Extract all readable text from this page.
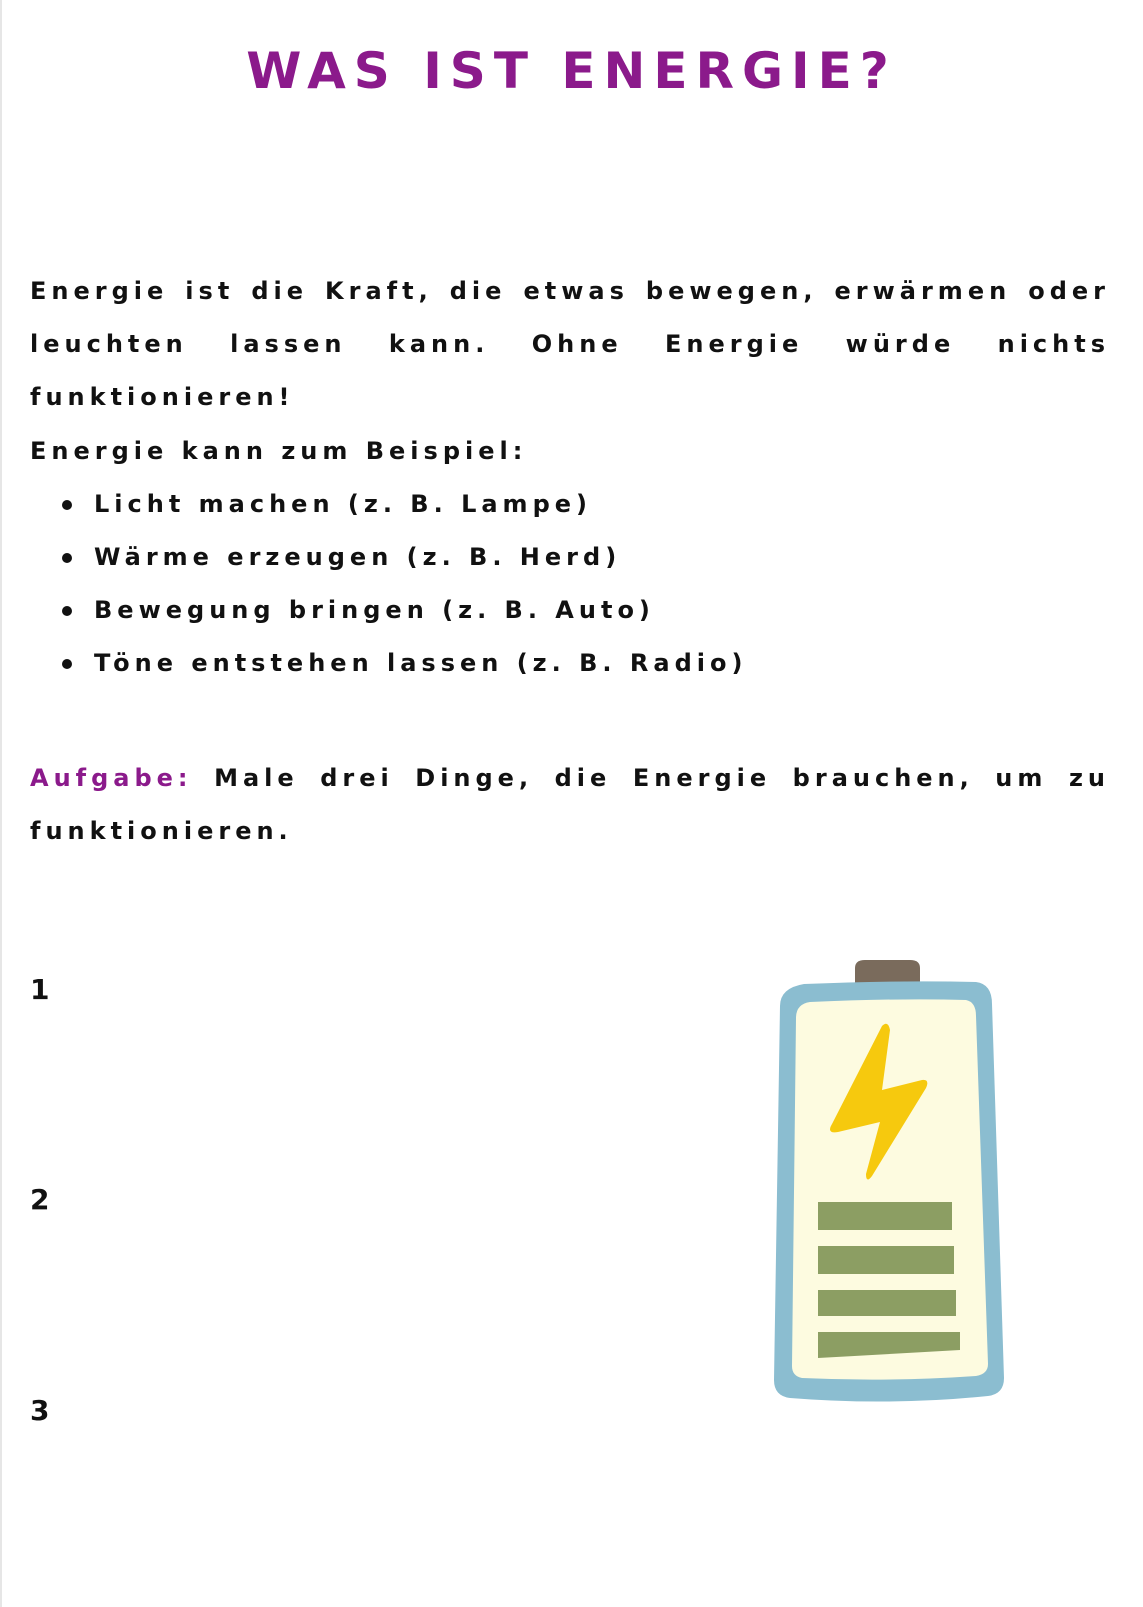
WAS IST ENERGIE?

Energie ist die Kraft, die etwas bewegen, erwärmen oder leuchten lassen kann. Ohne Energie würde nichts funktionieren!

Energie kann zum Beispiel:

Licht machen (z. B. Lampe)
Wärme erzeugen (z. B. Herd)
Bewegung bringen (z. B. Auto)
Töne entstehen lassen (z. B. Radio)

Aufgabe: Male drei Dinge, die Energie brauchen, um zu funktionieren.

1

2

3
